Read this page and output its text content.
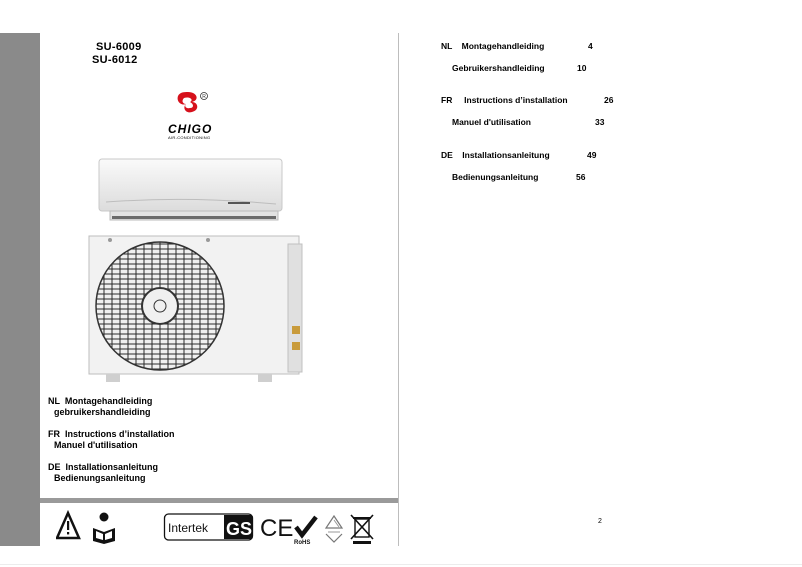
SU-6009
SU-6012
R
CHIGO
AIR-CONDITIONING
NL Montagehandleiding
gebruikershandleiding
FR Instructions d’installation
Manuel d'utilisation
DE Installationsanleitung
Bedienungsanleitung
Intertek GS CE
RoHS
NL Montagehandleiding	4
Gebruikershandleiding	10
FR Instructions d’installation	26
Manuel d'utilisation	33
DE Installationsanleitung	49
Bedienungsanleitung	56
2
